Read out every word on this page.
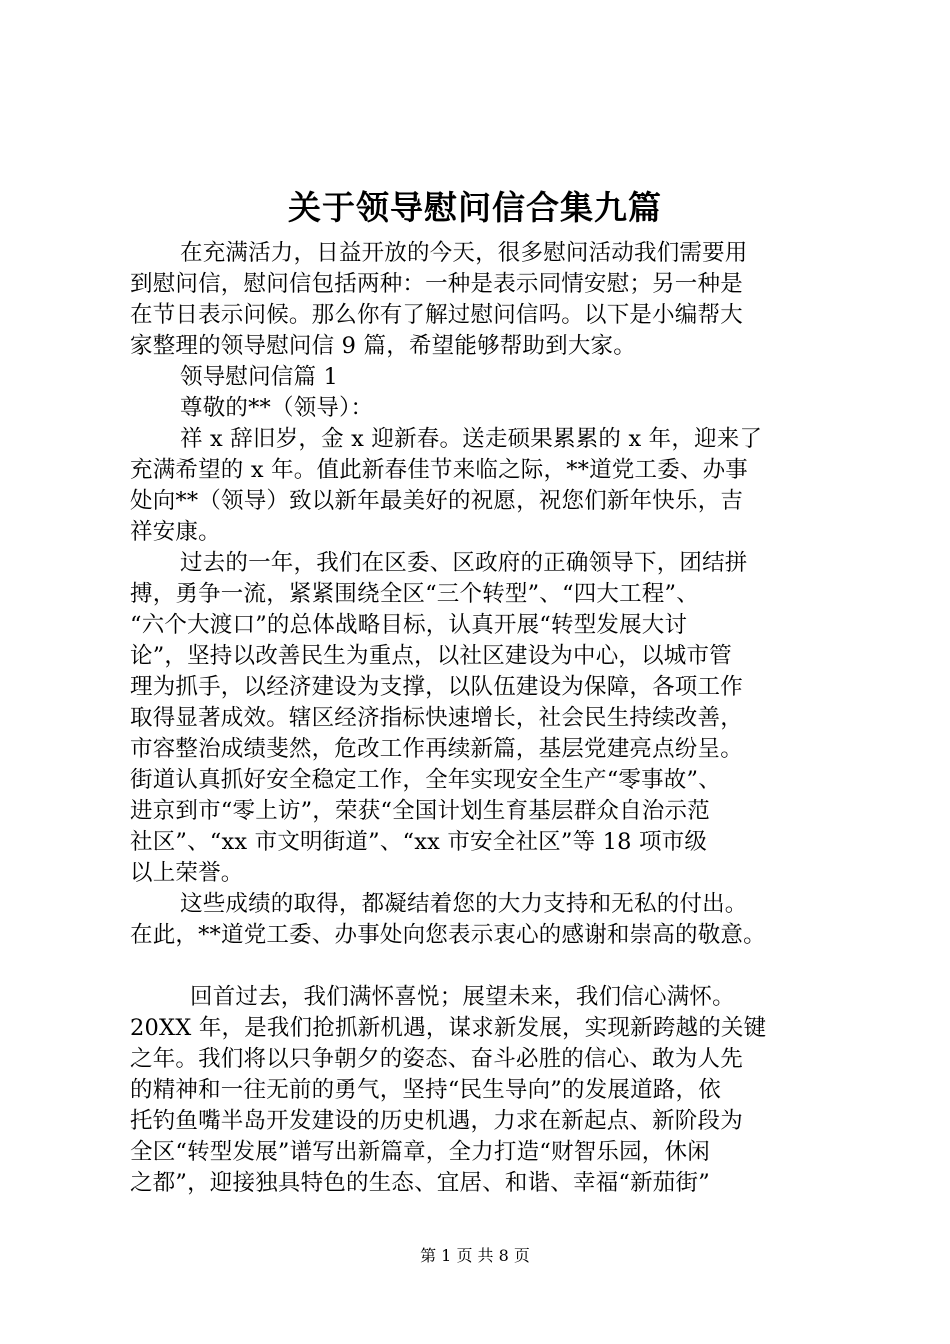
关于领导慰问信合集九篇
在充满活力，日益开放的今天，很多慰问活动我们需要用
到慰问信，慰问信包括两种：一种是表示同情安慰；另一种是
在节日表示问候。那么你有了解过慰问信吗。以下是小编帮大
家整理的领导慰问信 9 篇，希望能够帮助到大家。
领导慰问信篇 1
尊敬的**（领导）：
祥 x 辞旧岁，金 x 迎新春。送走硕果累累的 x 年，迎来了
充满希望的 x 年。值此新春佳节来临之际，**道党工委、办事
处向**（领导）致以新年最美好的祝愿，祝您们新年快乐，吉
祥安康。
过去的一年，我们在区委、区政府的正确领导下，团结拼
搏，勇争一流，紧紧围绕全区“三个转型”、“四大工程”、
“六个大渡口”的总体战略目标，认真开展“转型发展大讨
论”，坚持以改善民生为重点，以社区建设为中心，以城市管
理为抓手，以经济建设为支撑，以队伍建设为保障，各项工作
取得显著成效。辖区经济指标快速增长，社会民生持续改善，
市容整治成绩斐然，危改工作再续新篇，基层党建亮点纷呈。
街道认真抓好安全稳定工作，全年实现安全生产“零事故”、
进京到市“零上访”，荣获“全国计划生育基层群众自治示范
社区”、“xx 市文明街道”、“xx 市安全社区”等 18 项市级
以上荣誉。
这些成绩的取得，都凝结着您的大力支持和无私的付出。
在此，**道党工委、办事处向您表示衷心的感谢和崇高的敬意。
回首过去，我们满怀喜悦；展望未来，我们信心满怀。
20XX 年，是我们抢抓新机遇，谋求新发展，实现新跨越的关键
之年。我们将以只争朝夕的姿态、奋斗必胜的信心、敢为人先
的精神和一往无前的勇气，坚持“民生导向”的发展道路，依
托钓鱼嘴半岛开发建设的历史机遇，力求在新起点、新阶段为
全区“转型发展”谱写出新篇章，全力打造“财智乐园，休闲
之都”，迎接独具特色的生态、宜居、和谐、幸福“新茄街”
第 1 页 共 8 页
